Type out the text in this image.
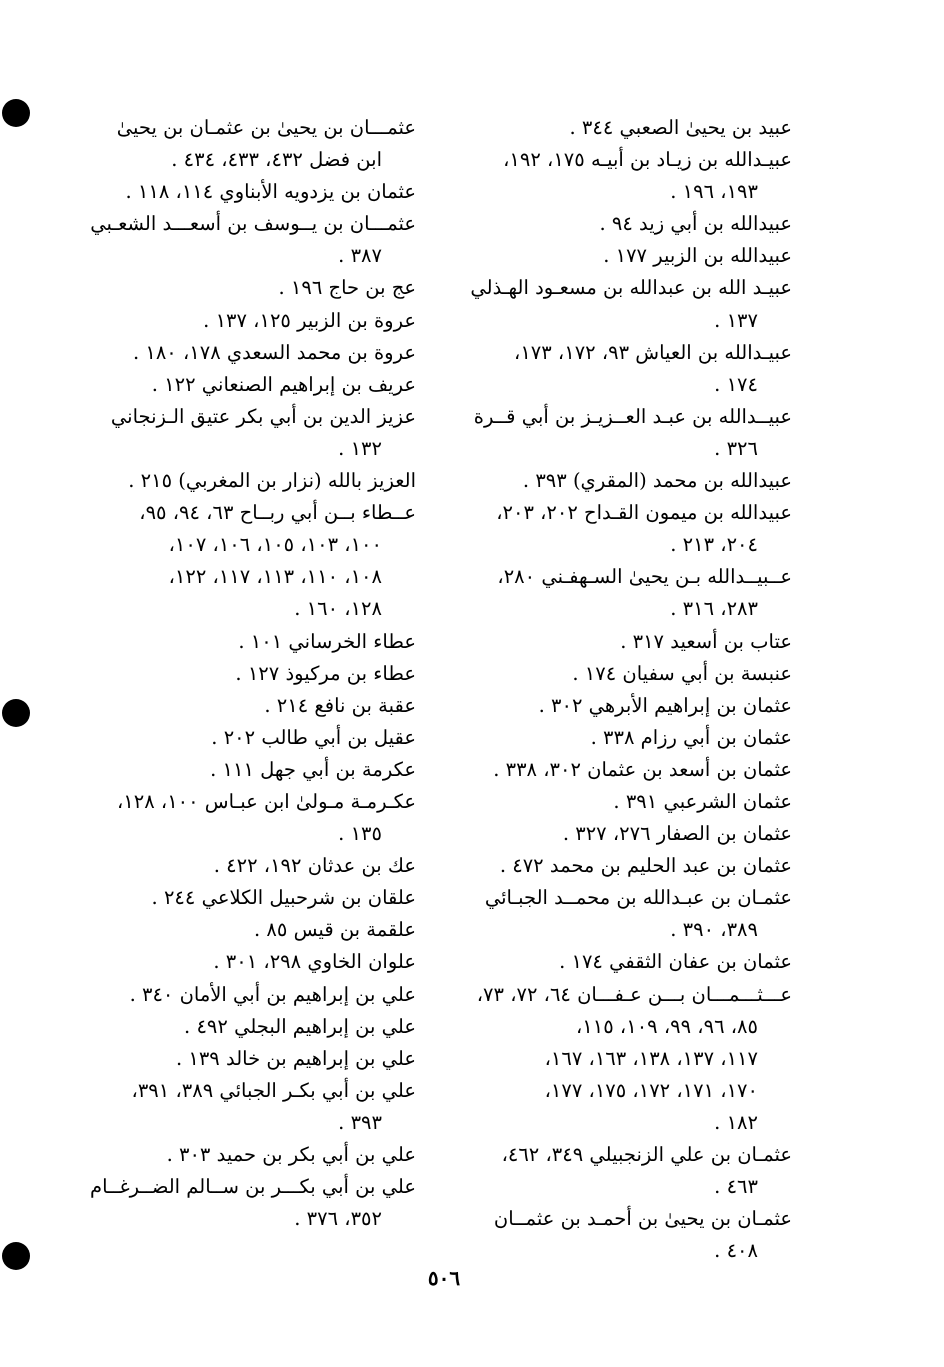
عبيد بن يحيىٰ الصعبي ٣٤٤ .
عبيـدالله بن زيـاد بن أبيـه ١٧٥، ١٩٢،
١٩٣، ١٩٦ .
عبيدالله بن أبي زيد ٩٤ .
عبيدالله بن الزبير ١٧٧ .
عبيـد الله بن عبدالله بن مسعـود الهـذلي
١٣٧ .
عبيـدالله بن العياش ٩٣، ١٧٢، ١٧٣،
١٧٤ .
عبيــدالله بن عبـد العــزيـز بن أبي قــرة
٣٢٦ .
عبيدالله بن محمد (المقري) ٣٩٣ .
عبيدالله بن ميمون القـداح ٢٠٢، ٢٠٣،
٢٠٤، ٢١٣ .
عــبيــدالله بـن يحيىٰ السـهفـني ٢٨٠،
٢٨٣، ٣١٦ .
عتاب بن أسعيد ٣١٧ .
عنبسة بن أبي سفيان ١٧٤ .
عثمان بن إبراهيم الأبرهي ٣٠٢ .
عثمان بن أبي رزام ٣٣٨ .
عثمان بن أسعد بن عثمان ٣٠٢، ٣٣٨ .
عثمان الشرعبي ٣٩١ .
عثمان بن الصفار ٢٧٦، ٣٢٧ .
عثمان بن عبد الحليم بن محمد ٤٧٢ .
عثمـان بن عبـدالله بن محمــد الجبـائي
٣٨٩، ٣٩٠ .
عثمان بن عفان الثقفي ١٧٤ .
عـــثـــمـــان بـــن عـفـــان ٦٤، ٧٢، ٧٣،
٨٥، ٩٦، ٩٩، ١٠٩، ١١٥،
١١٧، ١٣٧، ١٣٨، ١٦٣، ١٦٧،
١٧٠، ١٧١، ١٧٢، ١٧٥، ١٧٧،
١٨٢ .
عثمـان بن علي الزنجبيلي ٣٤٩، ٤٦٢،
٤٦٣ .
عثمـان بن يحيىٰ بن أحمـد بن عثمــان
٤٠٨ .
عثمـــان بن يحيىٰ بن عثمـان بن يحيىٰ
ابن فضل ٤٣٢، ٤٣٣، ٤٣٤ .
عثمان بن يزدويه الأبناوي ١١٤، ١١٨ .
عثمـــان بن يــوسف بن أسعـــد الشعـبي
٣٨٧ .
عج بن حاج ١٩٦ .
عروة بن الزبير ١٢٥، ١٣٧ .
عروة بن محمد السعدي ١٧٨، ١٨٠ .
عريف بن إبراهيم الصنعاني ١٢٢ .
عزيز الدين بن أبي بكر عتيق الـزنجاني
١٣٢ .
العزيز بالله (نزار بن المغربي) ٢١٥ .
عــطاء بــن أبي ربــاح ٦٣، ٩٤، ٩٥،
١٠٠، ١٠٣، ١٠٥، ١٠٦، ١٠٧،
١٠٨، ١١٠، ١١٣، ١١٧، ١٢٢،
١٢٨، ١٦٠ .
عطاء الخرساني ١٠١ .
عطاء بن مركيوذ ١٢٧ .
عقبة بن نافع ٢١٤ .
عقيل بن أبي طالب ٢٠٢ .
عكرمة بن أبي جهل ١١١ .
عكـرمـة مـولىٰ ابن عبـاس ١٠٠، ١٢٨،
١٣٥ .
عك بن عدثان ١٩٢، ٤٢٢ .
علقان بن شرحبيل الكلاعي ٢٤٤ .
علقمة بن قيس ٨٥ .
علوان الخاوي ٢٩٨، ٣٠١ .
علي بن إبراهيم بن أبي الأمان ٣٤٠ .
علي بن إبراهيم البجلي ٤٩٢ .
علي بن إبراهيم بن خالد ١٣٩ .
علي بن أبي بكـر الجبائي ٣٨٩، ٣٩١،
٣٩٣ .
علي بن أبي بكر بن حميد ٣٠٣ .
علي بن أبي بكـــر بن ســالم الضــرغــام
٣٥٢، ٣٧٦ .
٥٠٦
